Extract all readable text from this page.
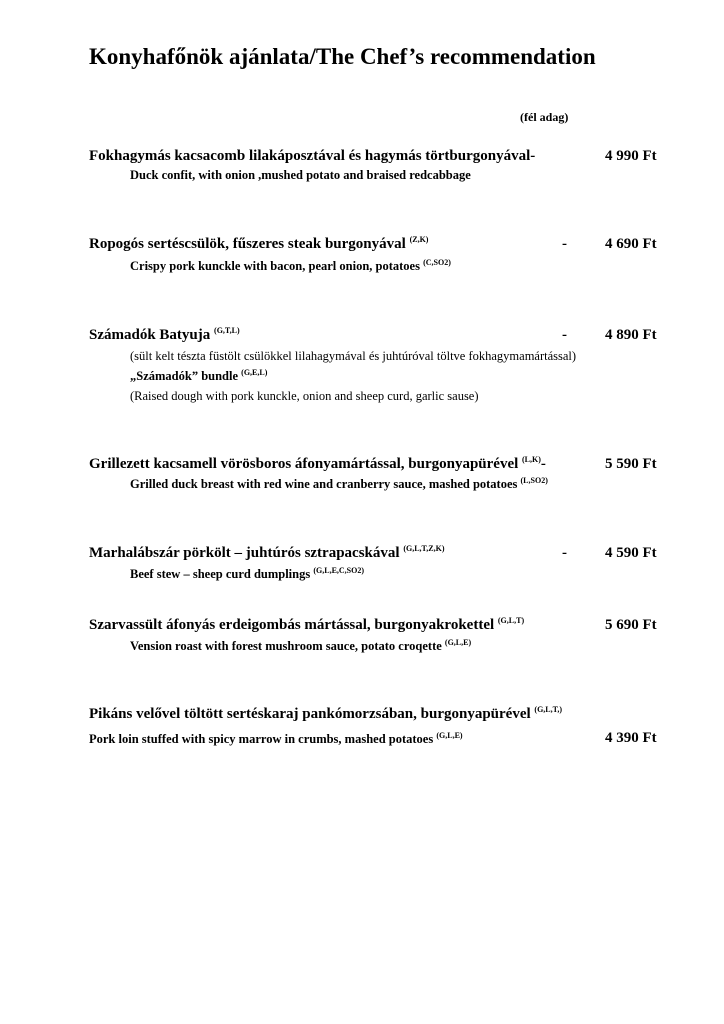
Konyhafőnök ajánlata/The Chef’s recommendation
(fél adag)
Fokhagymás kacsacomb lilakáposztával és hagymás törtburgonyával-	4 990 Ft
Duck confit, with onion ,mushed potato and braised redcabbage
Ropogós sertéscsülök, fűszeres steak burgonyával $^{(Z,K)}$	-	4 690 Ft
Crispy pork kunckle with bacon, pearl onion, potatoes $^{(C,SO2)}$
Számadók Batyuja $^{(G,T,L)}$	-	4 890 Ft
(sült kelt tészta füstölt csülökkel lilahagymával és juhtúróval töltve fokhagymamártással)
„Számadók” bundle $^{(G,E,L)}$
(Raised dough with pork kunckle, onion and sheep curd, garlic sause)
Grillezett kacsamell vörösboros áfonyamártással, burgonyapürével $^{(L,K)}$-	5 590 Ft
Grilled duck breast with red wine and cranberry sauce, mashed potatoes $^{(L,SO2)}$
Marhalábszár pörkölt – juhtúrós sztrapacskával $^{(G,L,T,Z,K)}$	-	4 590 Ft
Beef stew – sheep curd dumplings $^{(G,L,E,C,SO2)}$
Szarvassült áfonyás erdeigombás mártással, burgonyakrokettel $^{(G,L,T)}$	5 690 Ft
Vension roast with forest mushroom sauce, potato croqette $^{(G,L,E)}$
Pikáns velővel töltött sertéskaraj pankómorzsában, burgonyapürével $^{(G,L,T,)}$
Pork loin stuffed with spicy marrow in crumbs, mashed potatoes $^{(G,L,E)}$	4 390 Ft
